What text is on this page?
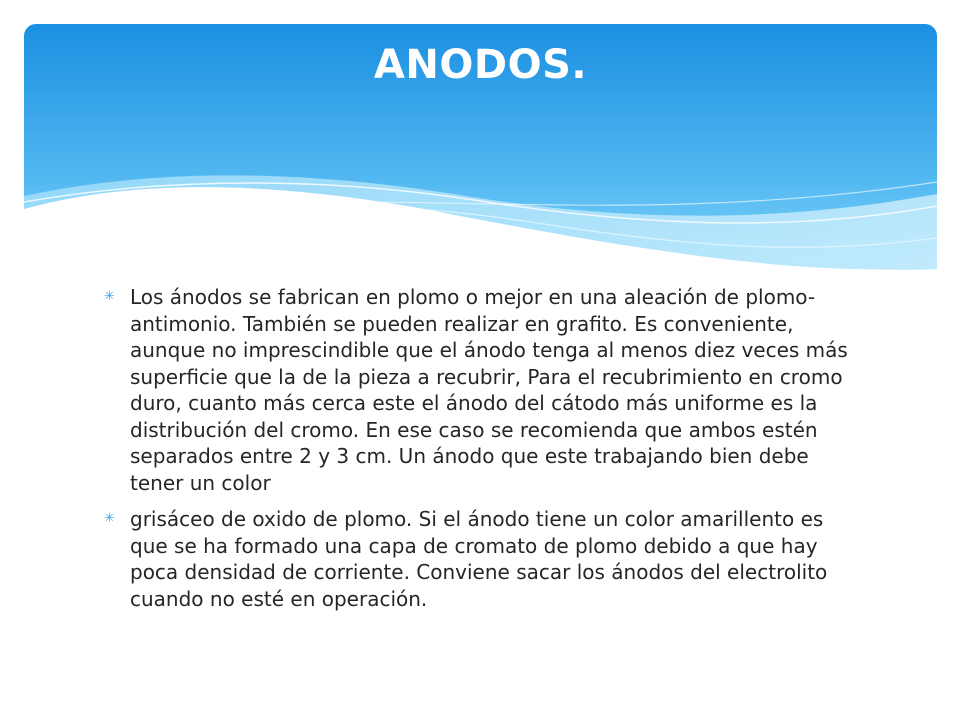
ANODOS.
✳ Los ánodos se fabrican en plomo o mejor en una aleación de plomo-antimonio. También se pueden realizar en grafito. Es conveniente, aunque no imprescindible que el ánodo tenga al menos diez veces más superficie que la de la pieza a recubrir, Para el recubrimiento en cromo duro, cuanto más cerca este el ánodo del cátodo más uniforme es la distribución del cromo. En ese caso se recomienda que ambos estén separados entre 2 y 3 cm. Un ánodo que este trabajando bien debe tener un color
✳ grisáceo de oxido de plomo. Si el ánodo tiene un color amarillento es que se ha formado una capa de cromato de plomo debido a que hay poca densidad de corriente. Conviene sacar los ánodos del electrolito cuando no esté en operación.
